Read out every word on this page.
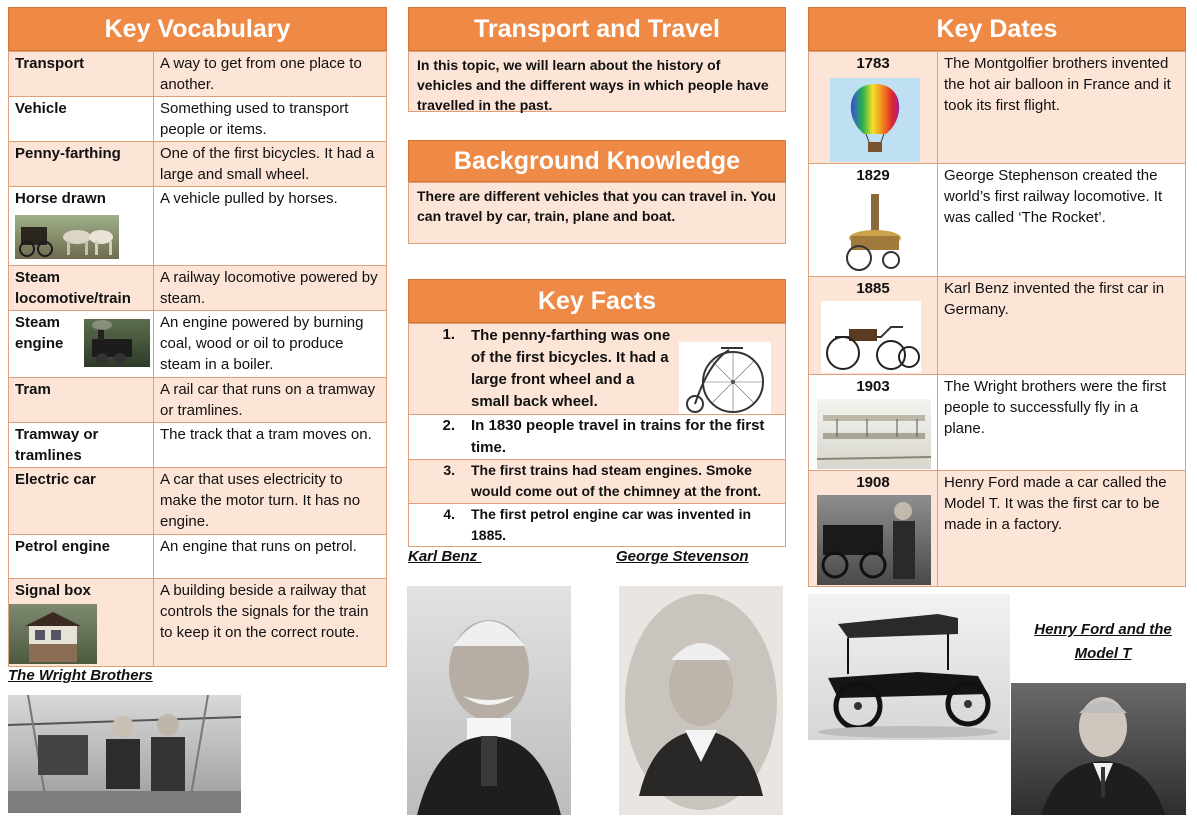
Key Vocabulary
Transport	A way to get from one place to another.
Vehicle	Something used to transport people or items.
Penny-farthing	One of the first bicycles. It had a large and small wheel.

Horse drawn	A vehicle pulled by horses.
Steam locomotive/train	A railway locomotive powered by steam.

Steam engine	An engine powered by burning coal, wood or oil to produce steam in a boiler.
Tram	A rail car that runs on a tramway or tramlines.
Tramway or tramlines	The track that a tram moves on.
Electric car	A car that uses electricity to make the motor turn. It has no engine.
Petrol engine	An engine that runs on petrol.

Signal box	A building beside a railway that controls the signals for the train to keep it on the correct route.
The Wright Brothers
Transport and Travel
In this topic, we will learn about the history of vehicles and the different ways in which people have travelled in the past.
Background Knowledge
There are different vehicles that you can travel in. You can travel by car, train, plane and boat.
Key Facts
1.	The penny-farthing was one of the first bicycles. It had a large front wheel and a small back wheel.
2.	In 1830 people travel in trains for the first time.
3.	The first trains had steam engines. Smoke would come out of the chimney at the front.
4.	The first petrol engine car was invented in 1885.
Karl Benz	George Stevenson
Key Dates
1783	The Montgolfier brothers invented the hot air balloon in France and it took its first flight.

1829	George Stephenson created the world’s first railway locomotive. It was called ‘The Rocket’.

1885	Karl Benz invented the first car in Germany.

1903	The Wright brothers were the first people to successfully fly in a plane.

1908	Henry Ford made a car called the Model T. It was the first car to be made in a factory.
Henry Ford and the Model T
